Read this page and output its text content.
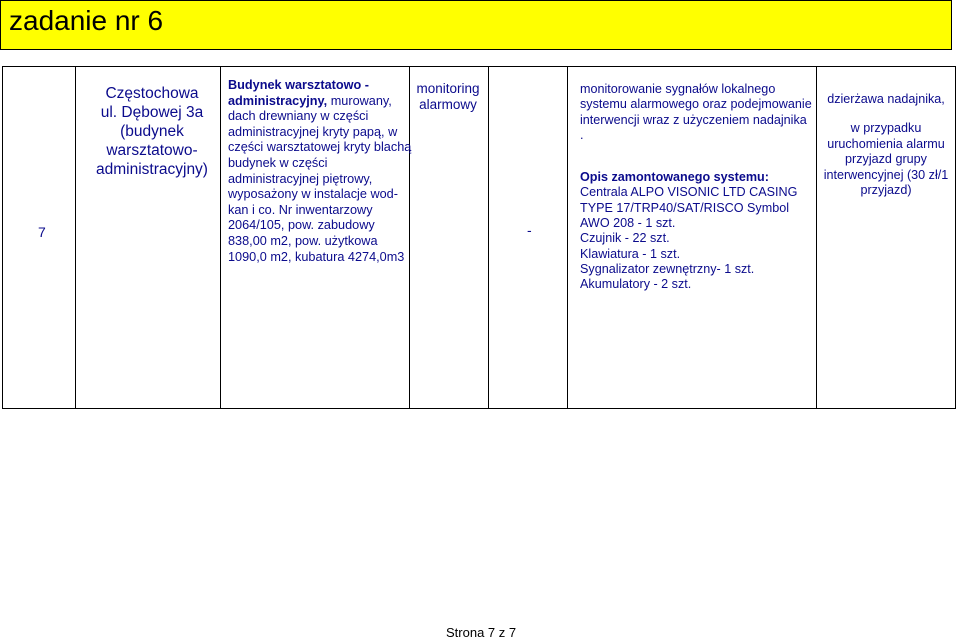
zadanie nr 6
7
Częstochowa
ul. Dębowej 3a
(budynek
warsztatowo-
administracyjny)
Budynek warsztatowo - administracyjny, murowany, dach drewniany w części administracyjnej kryty papą, w części warsztatowej kryty blachą budynek w części administracyjnej piętrowy, wyposażony w instalacje wod-kan i co. Nr inwentarzowy 2064/105, pow. zabudowy 838,00 m2, pow. użytkowa 1090,0 m2, kubatura 4274,0m3
monitoring
alarmowy
-
monitorowanie sygnałów lokalnego systemu alarmowego oraz podejmowanie interwencji wraz z użyczeniem nadajnika .
Opis zamontowanego systemu:
Centrala ALPO VISONIC LTD CASING TYPE 17/TRP40/SAT/RISCO Symbol AWO 208 - 1 szt.
Czujnik - 22 szt.
Klawiatura - 1 szt.
Sygnalizator zewnętrzny- 1 szt.
Akumulatory - 2 szt.
dzierżawa nadajnika,
w przypadku uruchomienia alarmu przyjazd grupy interwencyjnej (30 zł/1 przyjazd)
Strona 7 z 7
